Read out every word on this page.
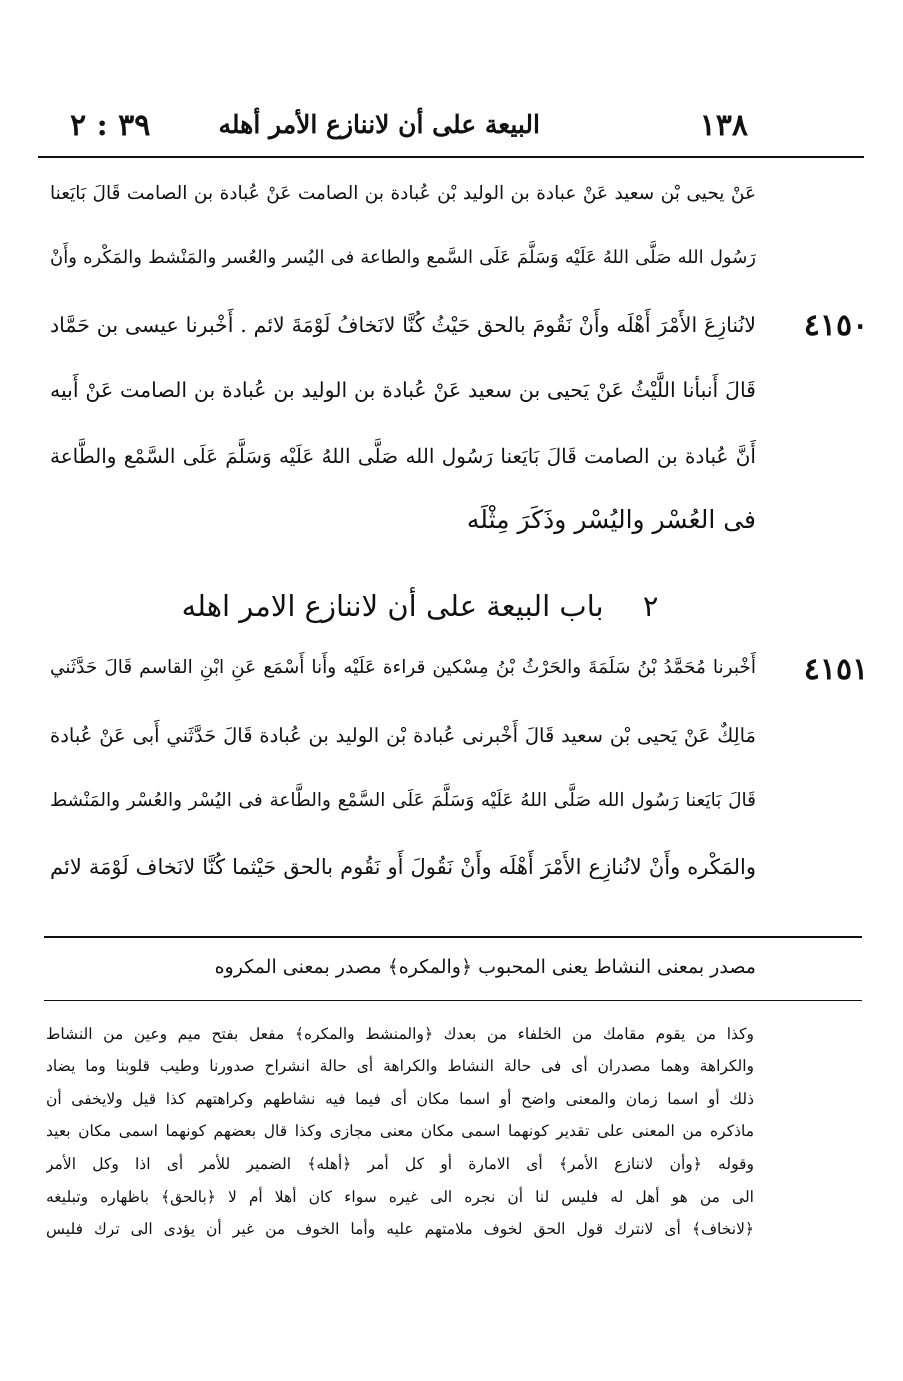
١٣٨
البيعة على أن لاننازع الأمر أهله
٣٩ : ٢
عَنْ يحيى بْن سعيد عَنْ عبادة بن الوليد بْن عُبادة بن الصامت عَنْ عُبادة بن الصامت قَالَ بَايَعنا
رَسُول الله صَلَّى اللهُ عَلَيْه وَسَلَّمَ عَلَى السَّمع والطاعة فى اليُسر والعُسر والمَنْشط والمَكْره وأَنْ
لانُنازِعَ الأَمْرَ أَهْلَه وأَنْ نَقُومَ بالحق حَيْثُ كُنَّا لانَخافُ لَوْمَةَ لائم . أَخْبرنا عيسى بن حَمَّاد ٤١٥٠
قَالَ أَنبأنا اللَّيْثُ عَنْ يَحيى بن سعيد عَنْ عُبادة بن الوليد بن عُبادة بن الصامت عَنْ أَبيه
أَنَّ عُبادة بن الصامت قَالَ بَايَعنا رَسُول الله صَلَّى اللهُ عَلَيْه وَسَلَّمَ عَلَى السَّمْع والطَّاعة
فى العُسْر واليُسْر وذَكَرَ مِثْلَه
٢ باب البيعة على أن لاننازع الامر اهله
أَخْبرنا مُحَمَّدُ بْنُ سَلَمَةَ والحَرْثُ بْنُ مِسْكين قراءة عَلَيْه وأَنا أَسْمَع عَنِ ابْنِ القاسم قَالَ حَدَّثَني ٤١٥١
مَالِكٌ عَنْ يَحيى بْن سعيد قَالَ أَخْبرنى عُبادة بْن الوليد بن عُبادة قَالَ حَدَّثَني أَبى عَنْ عُبادة
قَالَ بَايَعنا رَسُول الله صَلَّى اللهُ عَلَيْه وَسَلَّمَ عَلَى السَّمْع والطَّاعة فى اليُسْر والعُسْر والمَنْشط
والمَكْره وأَنْ لانُنازِع الأَمْرَ أَهْلَه وأَنْ نَقُولَ أَو نَقُوم بالحق حَيْثما كُنَّا لانَخاف لَوْمَة لائم
مصدر بمعنى النشاط يعنى المحبوب ﴿والمكره﴾ مصدر بمعنى المكروه
وكذا من يقوم مقامك من الخلفاء من بعدك ﴿والمنشط والمكره﴾ مفعل بفتح ميم وعين من النشاط
والكراهة وهما مصدران أى فى حالة النشاط والكراهة أى حالة انشراح صدورنا وطيب قلوبنا وما يضاد
ذلك أو اسما زمان والمعنى واضح أو اسما مكان أى فيما فيه نشاطهم وكراهتهم كذا قيل ولايخفى أن
ماذكره من المعنى على تقدير كونهما اسمى مكان معنى مجازى وكذا قال بعضهم كونهما اسمى مكان بعيد
وقوله ﴿وأن لاننازع الأمر﴾ أى الامارة أو كل أمر ﴿أهله﴾ الضمير للأمر أى اذا وكل الأمر
الى من هو أهل له فليس لنا أن نجره الى غيره سواء كان أهلا أم لا ﴿بالحق﴾ باظهاره وتبليغه
﴿لانخاف﴾ أى لانترك قول الحق لخوف ملامتهم عليه وأما الخوف من غير أن يؤدى الى ترك فليس
